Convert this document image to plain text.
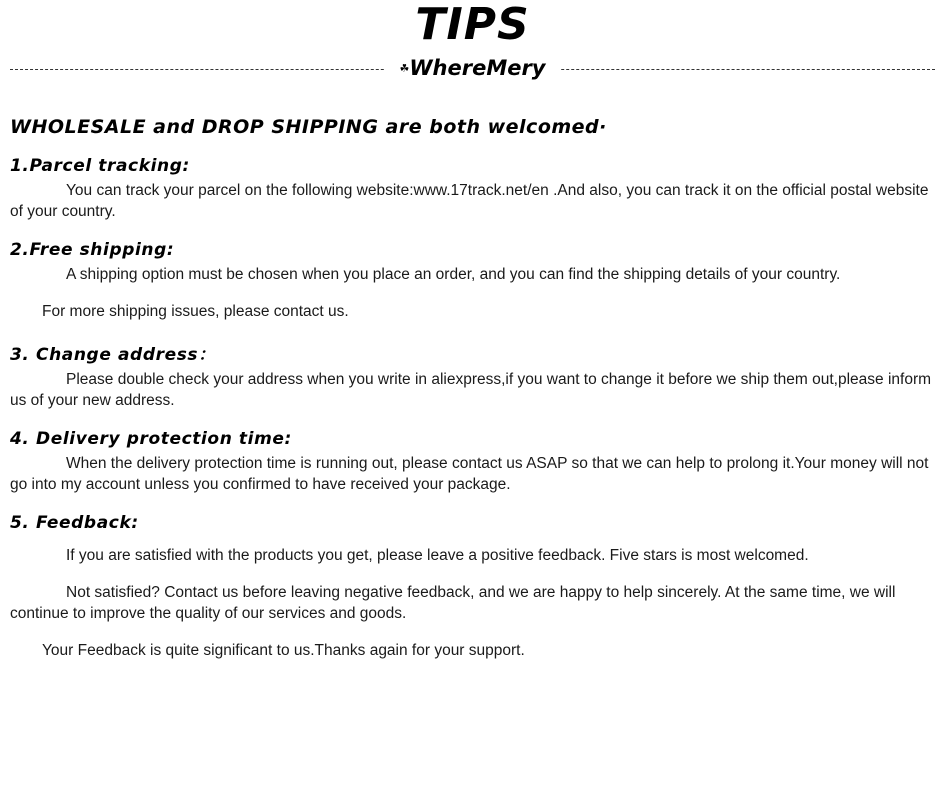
TIPS
☘WhereMery
WHOLESALE and DROP SHIPPING are both welcomed·
1.Parcel tracking:

You can track your parcel on the following website:www.17track.net/en .And also, you can track it on the official postal website of your country.

2.Free shipping:

A shipping option must be chosen when you place an order, and you can find the shipping details of your country.

For more shipping issues, please contact us.

3. Change address：

Please double check your address when you write in aliexpress,if you want to change it before we ship them out,please inform us of your new address.

4. Delivery protection time:

When the delivery protection time is running out, please contact us ASAP so that we can help to prolong it.Your money will not go into my account unless you confirmed to have received your package.

5. Feedback:

If you are satisfied with the products you get, please leave a positive feedback. Five stars is most welcomed.

Not satisfied? Contact us before leaving negative feedback, and we are happy to help sincerely. At the same time, we will continue to improve the quality of our services and goods.

Your Feedback is quite significant to us.Thanks again for your support.
